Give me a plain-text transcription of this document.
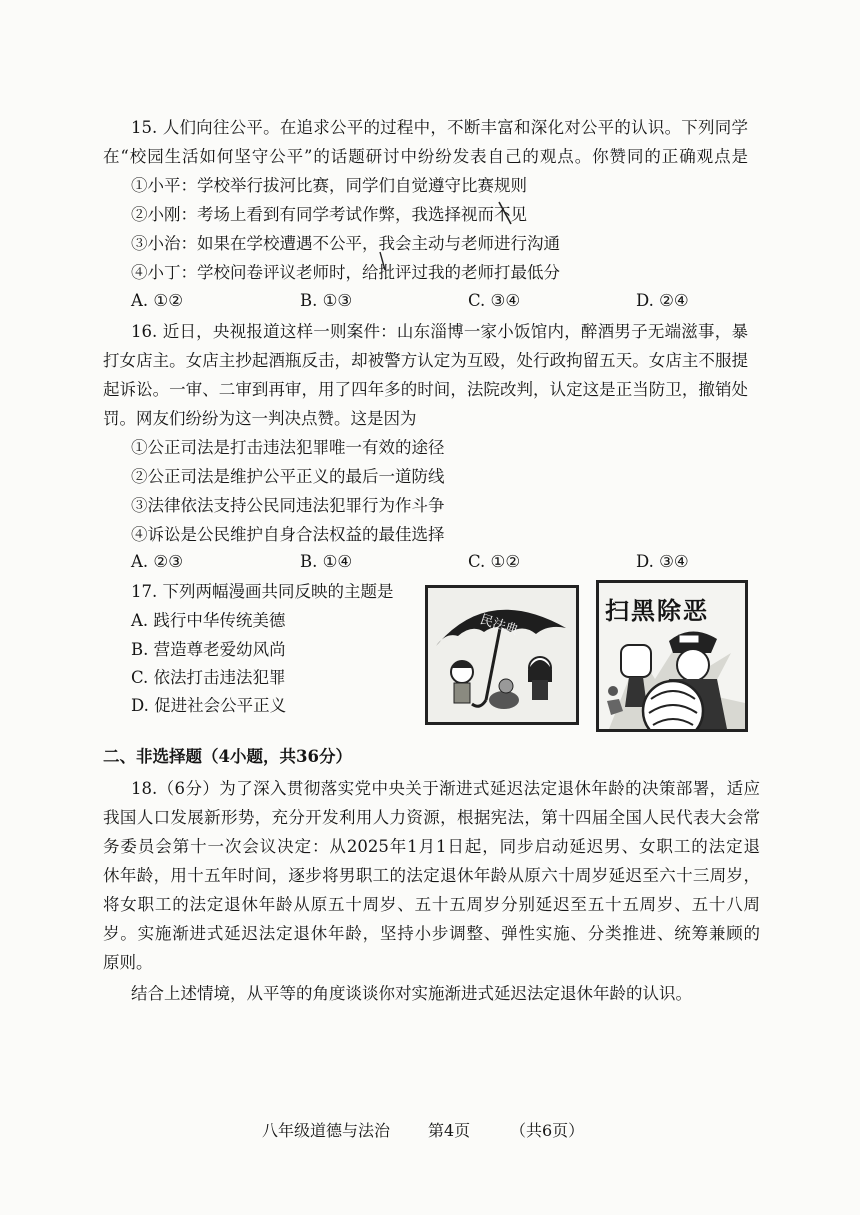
15. 人们向往公平。在追求公平的过程中，不断丰富和深化对公平的认识。下列同学
在“校园生活如何坚守公平”的话题研讨中纷纷发表自己的观点。你赞同的正确观点是
①小平：学校举行拔河比赛，同学们自觉遵守比赛规则
②小刚：考场上看到有同学考试作弊，我选择视而不见
③小治：如果在学校遭遇不公平，我会主动与老师进行沟通
④小丁：学校问卷评议老师时，给批评过我的老师打最低分
A. ①②	B. ①③	C. ③④	D. ②④
16. 近日，央视报道这样一则案件：山东淄博一家小饭馆内，醉酒男子无端滋事，暴
打女店主。女店主抄起酒瓶反击，却被警方认定为互殴，处行政拘留五天。女店主不服提
起诉讼。一审、二审到再审，用了四年多的时间，法院改判，认定这是正当防卫，撤销处
罚。网友们纷纷为这一判决点赞。这是因为
①公正司法是打击违法犯罪唯一有效的途径
②公正司法是维护公平正义的最后一道防线
③法律依法支持公民同违法犯罪行为作斗争
④诉讼是公民维护自身合法权益的最佳选择
A. ②③	B. ①④	C. ①②	D. ③④
17. 下列两幅漫画共同反映的主题是
A. 践行中华传统美德
B. 营造尊老爱幼风尚
C. 依法打击违法犯罪
D. 促进社会公平正义
民法典
扫黑除恶
二、非选择题（4小题，共36分）
18.（6分）为了深入贯彻落实党中央关于渐进式延迟法定退休年龄的决策部署，适应
我国人口发展新形势，充分开发利用人力资源，根据宪法，第十四届全国人民代表大会常
务委员会第十一次会议决定：从2025年1月1日起，同步启动延迟男、女职工的法定退
休年龄，用十五年时间，逐步将男职工的法定退休年龄从原六十周岁延迟至六十三周岁，
将女职工的法定退休年龄从原五十周岁、五十五周岁分别延迟至五十五周岁、五十八周
岁。实施渐进式延迟法定退休年龄，坚持小步调整、弹性实施、分类推进、统筹兼顾的
原则。
结合上述情境，从平等的角度谈谈你对实施渐进式延迟法定退休年龄的认识。
八年级道德与法治 第4页 （共6页）
